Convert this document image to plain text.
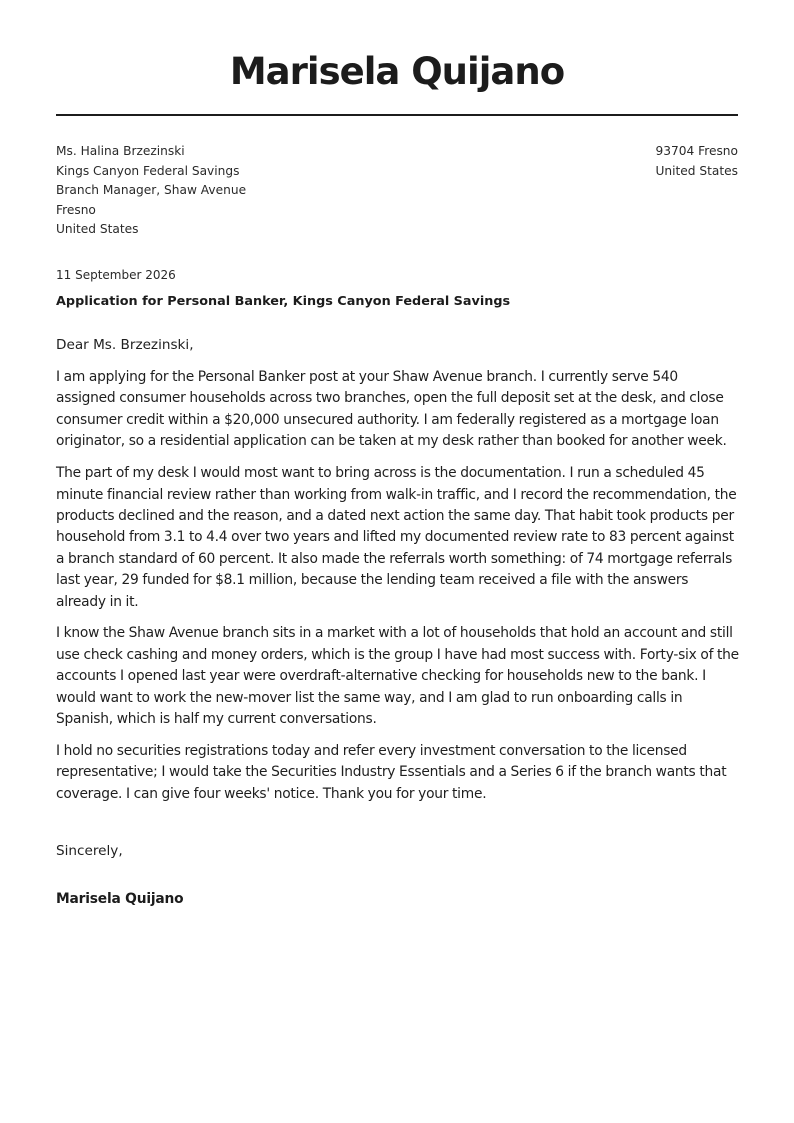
Marisela Quijano
Ms. Halina Brzezinski
Kings Canyon Federal Savings
Branch Manager, Shaw Avenue
Fresno
United States
93704 Fresno
United States
11 September 2026
Application for Personal Banker, Kings Canyon Federal Savings
Dear Ms. Brzezinski,

I am applying for the Personal Banker post at your Shaw Avenue branch. I currently serve 540 assigned consumer households across two branches, open the full deposit set at the desk, and close consumer credit within a $20,000 unsecured authority. I am federally registered as a mortgage loan originator, so a residential application can be taken at my desk rather than booked for another week.

The part of my desk I would most want to bring across is the documentation. I run a scheduled 45 minute financial review rather than working from walk-in traffic, and I record the recommendation, the products declined and the reason, and a dated next action the same day. That habit took products per household from 3.1 to 4.4 over two years and lifted my documented review rate to 83 percent against a branch standard of 60 percent. It also made the referrals worth something: of 74 mortgage referrals last year, 29 funded for $8.1 million, because the lending team received a file with the answers already in it.

I know the Shaw Avenue branch sits in a market with a lot of households that hold an account and still use check cashing and money orders, which is the group I have had most success with. Forty-six of the accounts I opened last year were overdraft-alternative checking for households new to the bank. I would want to work the new-mover list the same way, and I am glad to run onboarding calls in Spanish, which is half my current conversations.

I hold no securities registrations today and refer every investment conversation to the licensed representative; I would take the Securities Industry Essentials and a Series 6 if the branch wants that coverage. I can give four weeks' notice. Thank you for your time.

Sincerely,
Marisela Quijano
